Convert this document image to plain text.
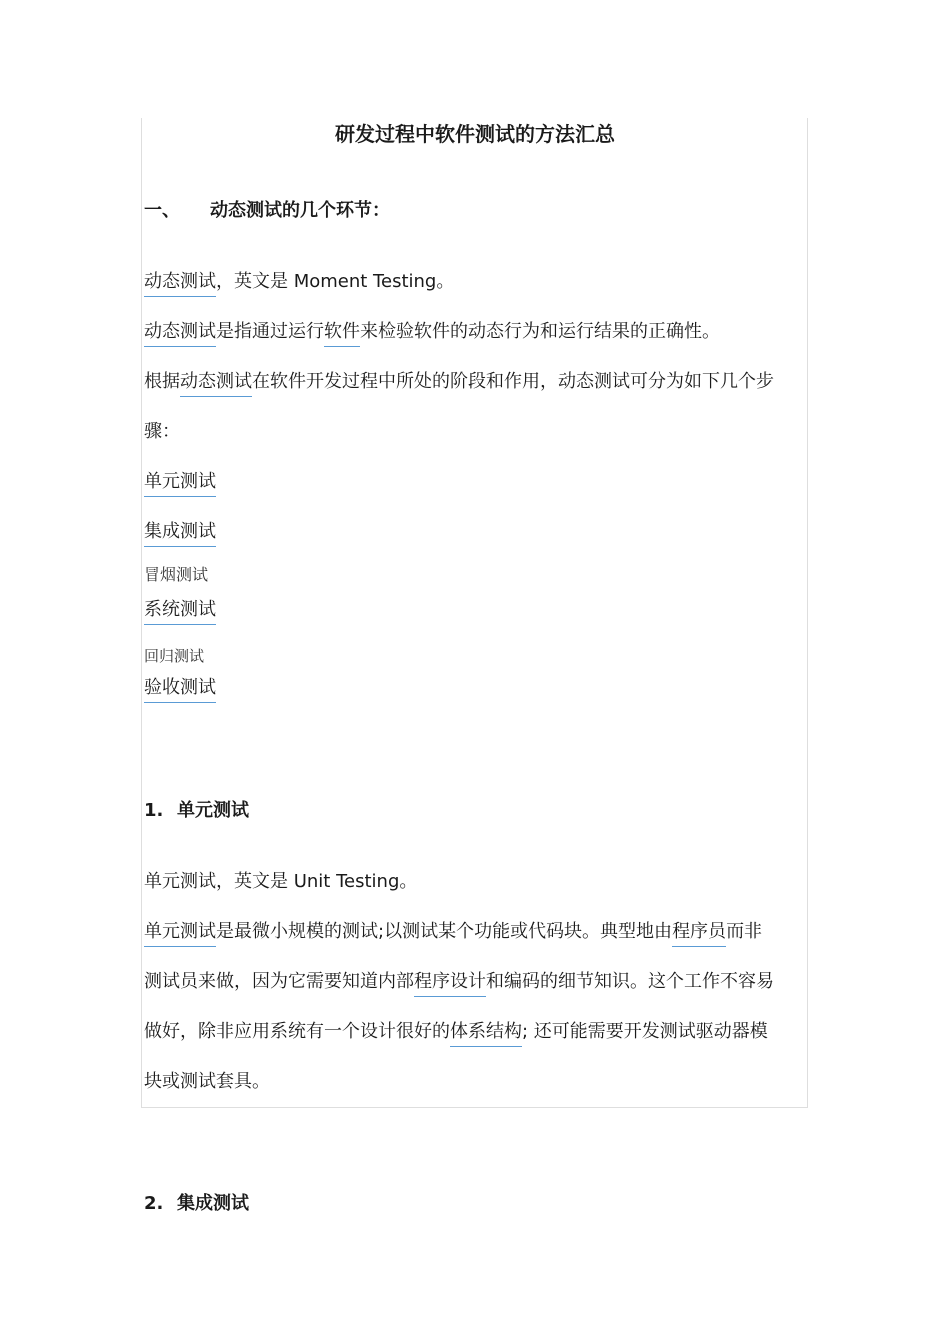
研发过程中软件测试的方法汇总
一、 动态测试的几个环节：
动态测试，英文是 Moment Testing。
动态测试是指通过运行软件来检验软件的动态行为和运行结果的正确性。
根据动态测试在软件开发过程中所处的阶段和作用，动态测试可分为如下几个步
骤：
单元测试
集成测试
冒烟测试
系统测试
回归测试
验收测试
1. 单元测试
单元测试，英文是 Unit Testing。
单元测试是最微小规模的测试;以测试某个功能或代码块。典型地由程序员而非
测试员来做，因为它需要知道内部程序设计和编码的细节知识。这个工作不容易
做好，除非应用系统有一个设计很好的体系结构; 还可能需要开发测试驱动器模
块或测试套具。
2. 集成测试
